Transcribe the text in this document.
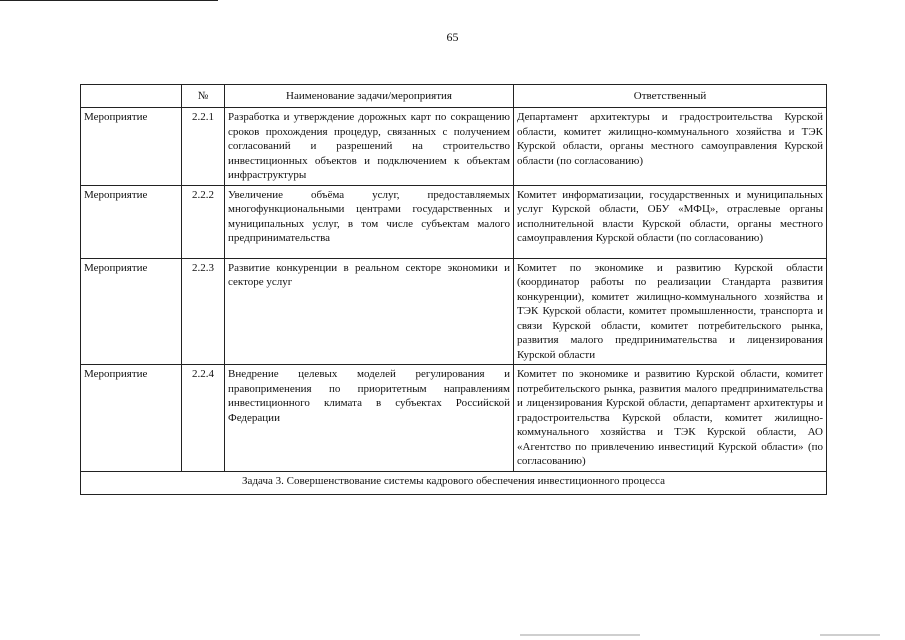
65
	№	Наименование задачи/мероприятия	Ответственный
Мероприятие	2.2.1	Разработка и утверждение дорожных карт по сокращению сроков прохождения процедур, связанных с получением согласований и разрешений на строительство инвестиционных объектов и подключением к объектам инфраструктуры	Департамент архитектуры и градостроительства Курской области, комитет жилищно-коммунального хозяйства и ТЭК Курской области, органы местного самоуправления Курской области (по согласованию)
Мероприятие	2.2.2	Увеличение объёма услуг, предоставляемых многофункциональными центрами государственных и муниципальных услуг, в том числе субъектам малого предпринимательства	Комитет информатизации, государственных и муниципальных услуг Курской области, ОБУ «МФЦ», отраслевые органы исполнительной власти Курской области, органы местного самоуправления Курской области (по согласованию)
Мероприятие	2.2.3	Развитие конкуренции в реальном секторе экономики и секторе услуг	Комитет по экономике и развитию Курской области (координатор работы по реализации Стандарта развития конкуренции), комитет жилищно-коммунального хозяйства и ТЭК Курской области, комитет промышленности, транспорта и связи Курской области, комитет потребительского рынка, развития малого предпринимательства и лицензирования Курской области
Мероприятие	2.2.4	Внедрение целевых моделей регулирования и правоприменения по приоритетным направлениям инвестиционного климата в субъектах Российской Федерации	Комитет по экономике и развитию Курской области, комитет потребительского рынка, развития малого предпринимательства и лицензирования Курской области, департамент архитектуры и градостроительства Курской области, комитет жилищно-коммунального хозяйства и ТЭК Курской области, АО «Агентство по привлечению инвестиций Курской области» (по согласованию)
Задача 3. Совершенствование системы кадрового обеспечения инвестиционного процесса			
